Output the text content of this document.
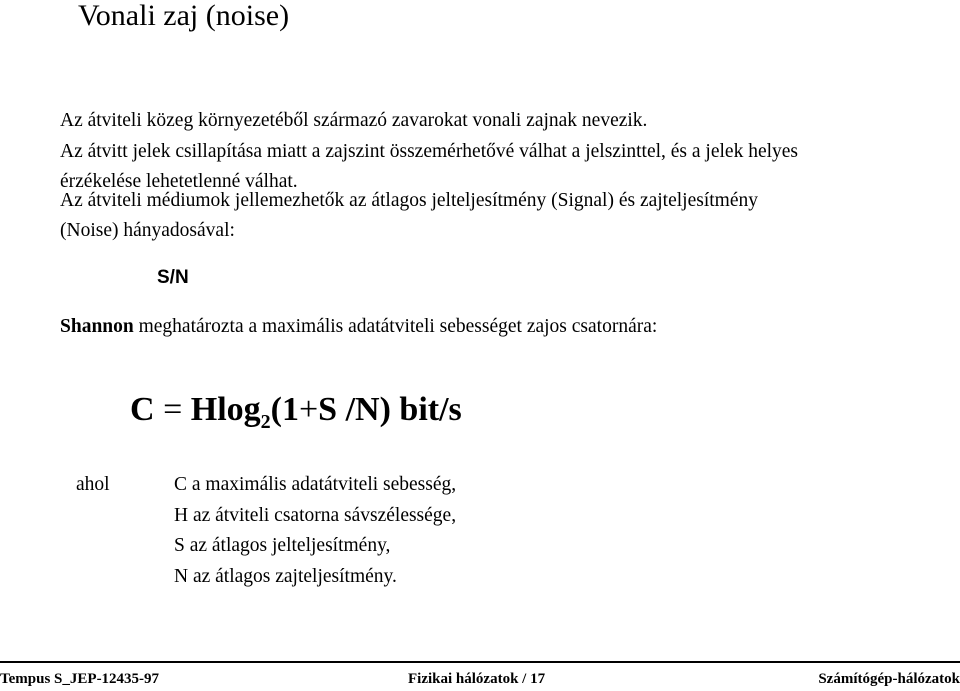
Vonali zaj (noise)
Az átviteli közeg környezetéből származó zavarokat vonali zajnak nevezik.
Az átvitt jelek csillapítása miatt a zajszint összemérhetővé válhat a jelszinttel, és a jelek helyes
érzékelése lehetetlenné válhat.
Az átviteli médiumok jellemezhetők az átlagos jelteljesítmény (Signal) és zajteljesítmény
(Noise) hányadosával:
S/N
Shannon meghatározta a maximális adatátviteli sebességet zajos csatornára:
C = Hlog$_2$(1+S /N) bit/s
ahol	C a maximális adatátviteli sebesség,
H az átviteli csatorna sávszélessége,
S az átlagos jelteljesítmény,
N az átlagos zajteljesítmény.
Tempus S_JEP-12435-97	Fizikai hálózatok / 17	Számítógép-hálózatok
